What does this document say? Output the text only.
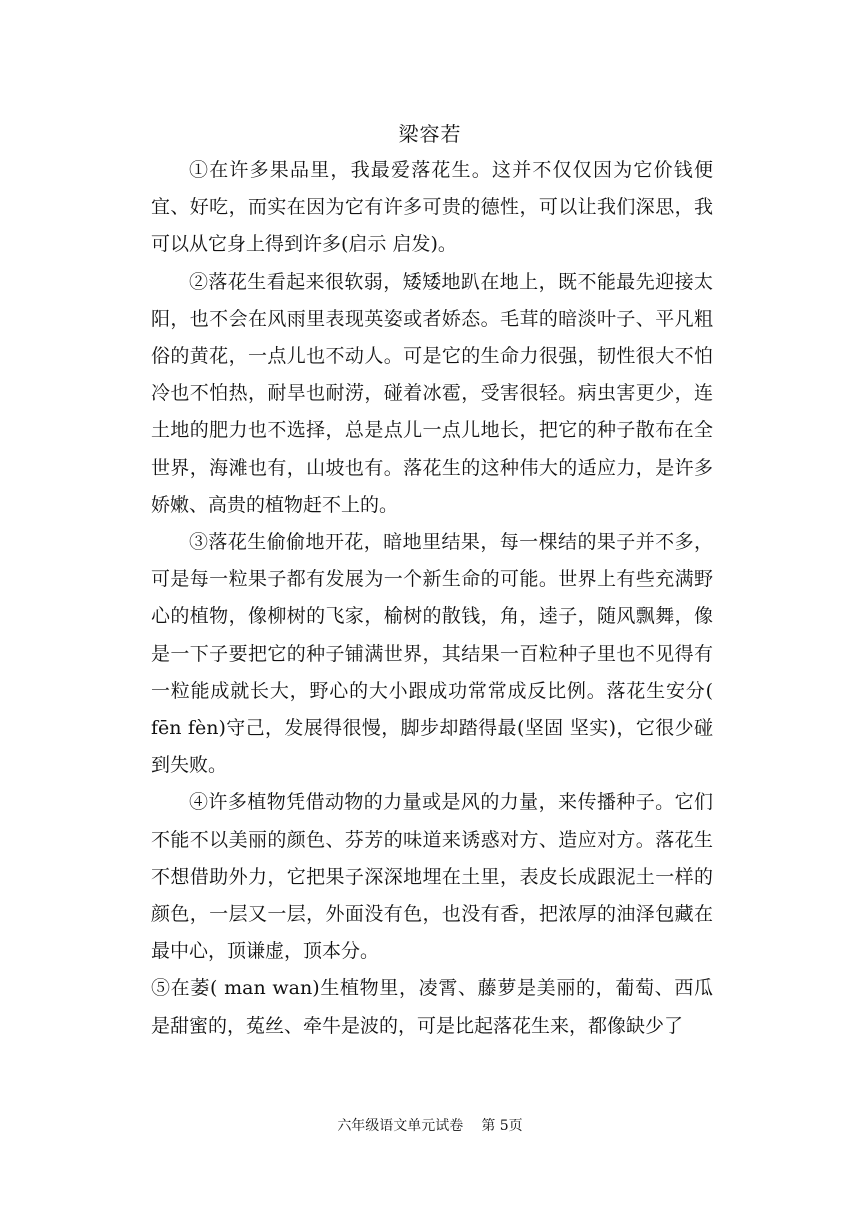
梁容若

①在许多果品里，我最爱落花生。这并不仅仅因为它价钱便宜、好吃，而实在因为它有许多可贵的德性，可以让我们深思，我可以从它身上得到许多(启示 启发)。

②落花生看起来很软弱，矮矮地趴在地上，既不能最先迎接太阳，也不会在风雨里表现英姿或者娇态。毛茸的暗淡叶子、平凡粗俗的黄花，一点儿也不动人。可是它的生命力很强，韧性很大不怕冷也不怕热，耐旱也耐涝，碰着冰雹，受害很轻。病虫害更少，连土地的肥力也不选择，总是点儿一点儿地长，把它的种子散布在全世界，海滩也有，山坡也有。落花生的这种伟大的适应力，是许多娇嫩、高贵的植物赶不上的。

③落花生偷偷地开花，暗地里结果，每一棵结的果子并不多，可是每一粒果子都有发展为一个新生命的可能。世界上有些充满野心的植物，像柳树的飞家，榆树的散钱，角，逵子，随风飘舞，像是一下子要把它的种子铺满世界，其结果一百粒种子里也不见得有一粒能成就长大，野心的大小跟成功常常成反比例。落花生安分( fēn fèn)守己，发展得很慢，脚步却踏得最(坚固 坚实)，它很少碰到失败。

④许多植物凭借动物的力量或是风的力量，来传播种子。它们不能不以美丽的颜色、芬芳的味道来诱惑对方、造应对方。落花生不想借助外力，它把果子深深地埋在土里，表皮长成跟泥土一样的颜色，一层又一层，外面没有色，也没有香，把浓厚的油泽包藏在最中心，顶谦虚，顶本分。

⑤在萎( man wan)生植物里，凌霄、藤萝是美丽的，葡萄、西瓜是甜蜜的，菟丝、牵牛是波的，可是比起落花生来，都像缺少了

六年级语文单元试卷 第 5页
